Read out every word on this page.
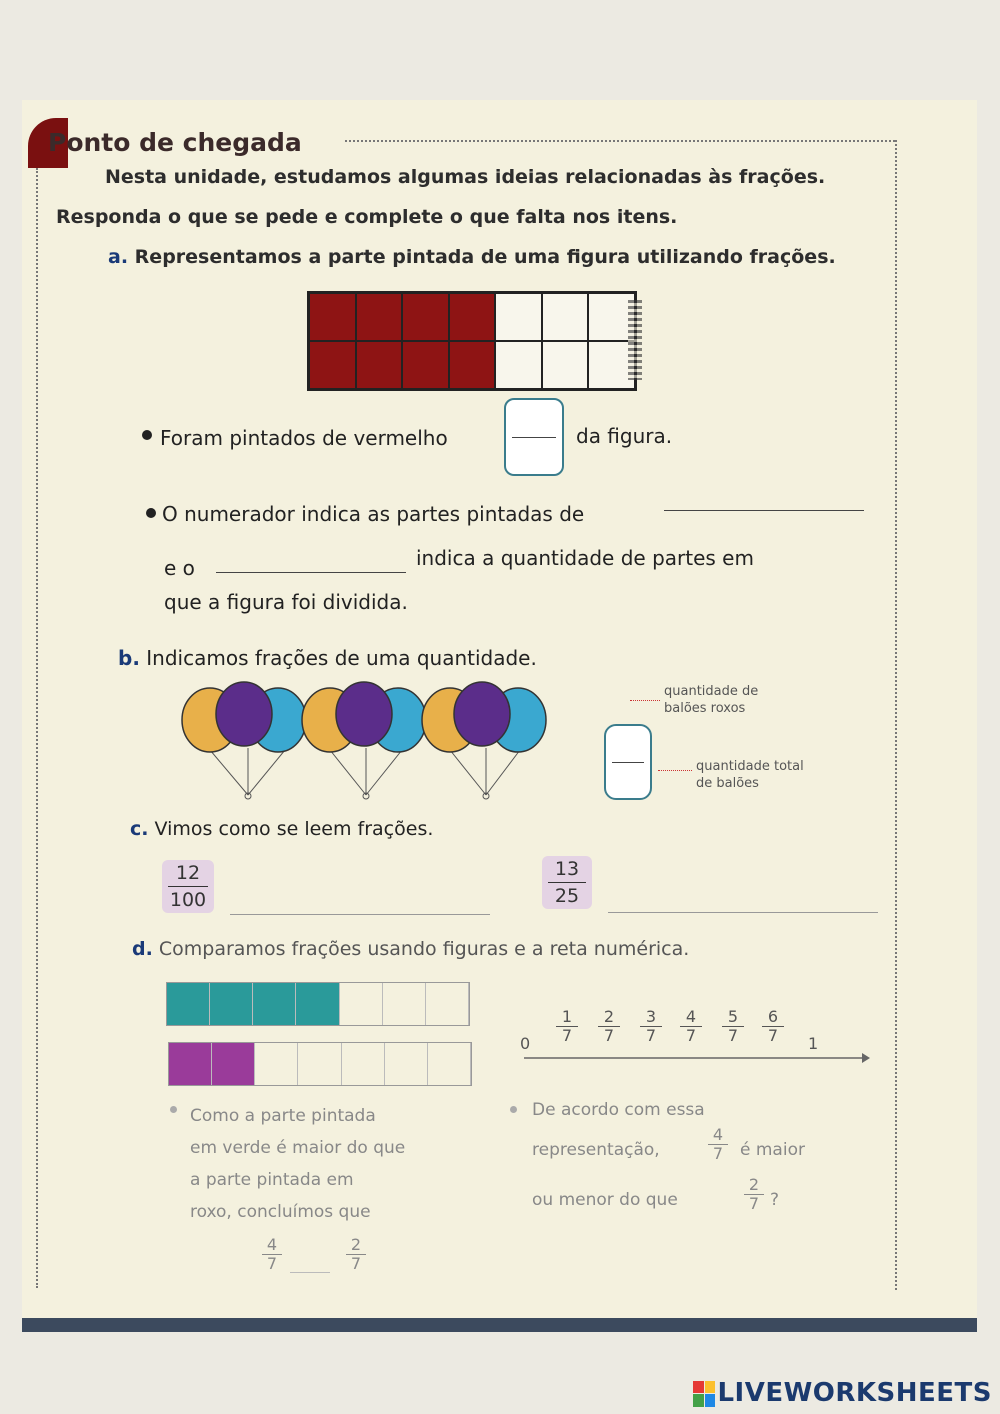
Ponto de chegada
Nesta unidade, estudamos algumas ideias relacionadas às frações.
Responda o que se pede e complete o que falta nos itens.
a. Representamos a parte pintada de uma figura utilizando frações.
Foram pintados de vermelho	da figura.
O numerador indica as partes pintadas de
e o	indica a quantidade de partes em
que a figura foi dividida.
b. Indicamos frações de uma quantidade.
quantidade de
balões roxos
quantidade total
de balões
c. Vimos como se leem frações.
$\frac{12}{100}$	$\frac{13}{25}$
d. Comparamos frações usando figuras e a reta numérica.
$0 \frac{1}{7} \frac{2}{7} \frac{3}{7} \frac{4}{7} \frac{5}{7} \frac{6}{7} 1$
Como a parte pintada
em verde é maior do que
a parte pintada em
roxo, concluímos que
$\frac{4}{7}$	$\frac{2}{7}$
De acordo com essa
representação,	$\frac{4}{7}$ é maior
ou menor do que	$\frac{2}{7}$ ?
LIVEWORKSHEETS
